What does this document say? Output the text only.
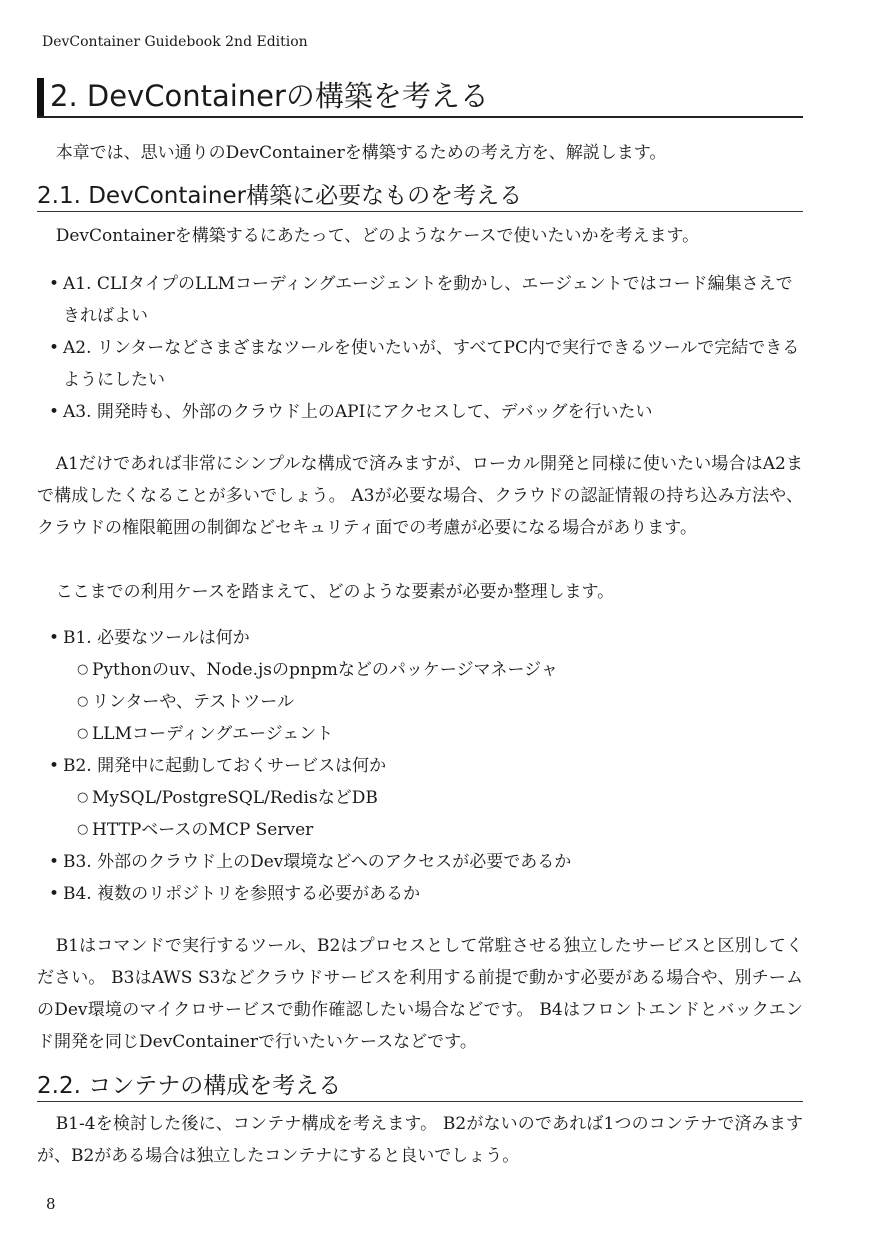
DevContainer Guidebook 2nd Edition
2. DevContainerの構築を考える
本章では、思い通りのDevContainerを構築するための考え方を、解説します。
2.1. DevContainer構築に必要なものを考える
DevContainerを構築するにあたって、どのようなケースで使いたいかを考えます。
• A1. CLIタイプのLLMコーディングエージェントを動かし、エージェントではコード編集さえできればよい
• A2. リンターなどさまざまなツールを使いたいが、すべてPC内で実行できるツールで完結できるようにしたい
• A3. 開発時も、外部のクラウド上のAPIにアクセスして、デバッグを行いたい
A1だけであれば非常にシンプルな構成で済みますが、ローカル開発と同様に使いたい場合はA2まで構成したくなることが多いでしょう。 A3が必要な場合、クラウドの認証情報の持ち込み方法や、クラウドの権限範囲の制御などセキュリティ面での考慮が必要になる場合があります。
ここまでの利用ケースを踏まえて、どのような要素が必要か整理します。
• B1. 必要なツールは何か
○ Pythonのuv、Node.jsのpnpmなどのパッケージマネージャ
○ リンターや、テストツール
○ LLMコーディングエージェント
• B2. 開発中に起動しておくサービスは何か
○ MySQL/PostgreSQL/RedisなどDB
○ HTTPベースのMCP Server
• B3. 外部のクラウド上のDev環境などへのアクセスが必要であるか
• B4. 複数のリポジトリを参照する必要があるか
B1はコマンドで実行するツール、B2はプロセスとして常駐させる独立したサービスと区別してください。 B3はAWS S3などクラウドサービスを利用する前提で動かす必要がある場合や、別チームのDev環境のマイクロサービスで動作確認したい場合などです。 B4はフロントエンドとバックエンド開発を同じDevContainerで行いたいケースなどです。
2.2. コンテナの構成を考える
B1-4を検討した後に、コンテナ構成を考えます。 B2がないのであれば1つのコンテナで済みますが、B2がある場合は独立したコンテナにすると良いでしょう。
8
